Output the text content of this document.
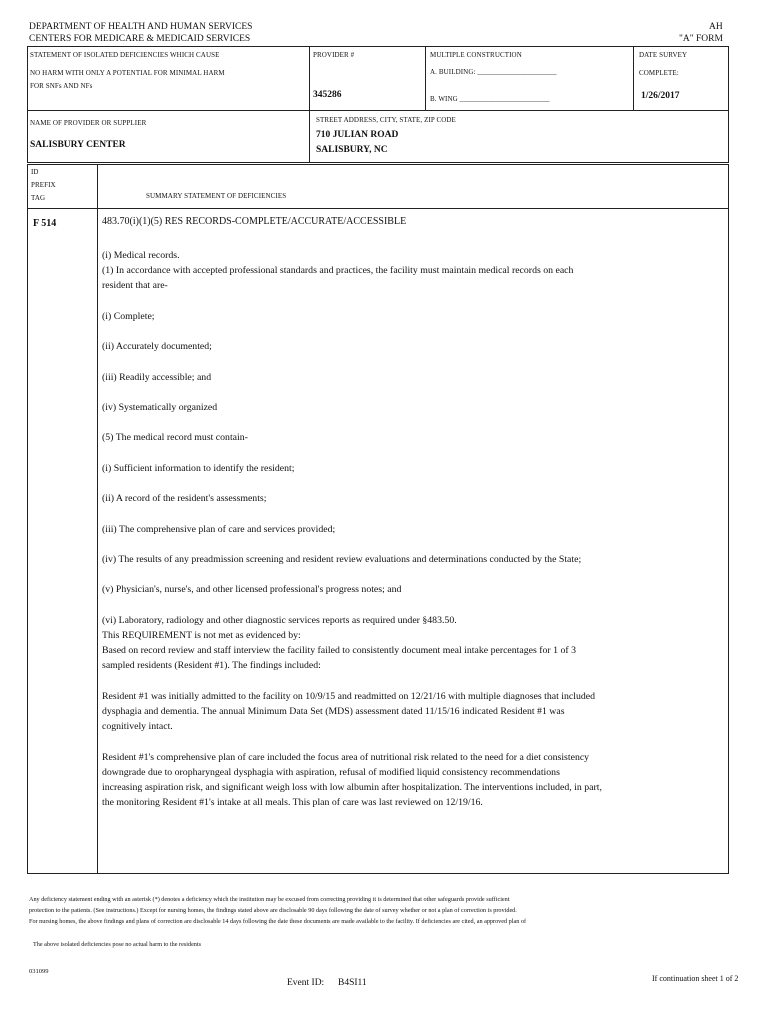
DEPARTMENT OF HEALTH AND HUMAN SERVICES
CENTERS FOR MEDICARE & MEDICAID SERVICES
AH
"A" FORM
STATEMENT OF ISOLATED DEFICIENCIES WHICH CAUSE
NO HARM WITH ONLY A POTENTIAL FOR MINIMAL HARM
FOR SNFs AND NFs
PROVIDER #
345286
MULTIPLE CONSTRUCTION
A. BUILDING: ______________________
B. WING _________________________
DATE SURVEY
COMPLETE:
1/26/2017
NAME OF PROVIDER OR SUPPLIER
SALISBURY CENTER
STREET ADDRESS, CITY, STATE, ZIP CODE
710 JULIAN ROAD
SALISBURY, NC
ID
PREFIX
TAG	SUMMARY STATEMENT OF DEFICIENCIES
F 514	483.70(i)(1)(5) RES RECORDS-COMPLETE/ACCURATE/ACCESSIBLE

(i) Medical records.
(1) In accordance with accepted professional standards and practices, the facility must maintain medical records on each resident that are-

(i) Complete;

(ii) Accurately documented;

(iii) Readily accessible; and

(iv) Systematically organized

(5) The medical record must contain-

(i) Sufficient information to identify the resident;

(ii) A record of the resident's assessments;

(iii) The comprehensive plan of care and services provided;

(iv) The results of any preadmission screening and resident review evaluations and determinations conducted by the State;

(v) Physician's, nurse's, and other licensed professional's progress notes; and

(vi) Laboratory, radiology and other diagnostic services reports as required under §483.50.
This REQUIREMENT is not met as evidenced by:
Based on record review and staff interview the facility failed to consistently document meal intake percentages for 1 of 3 sampled residents (Resident #1). The findings included:

Resident #1 was initially admitted to the facility on 10/9/15 and readmitted on 12/21/16 with multiple diagnoses that included dysphagia and dementia. The annual Minimum Data Set (MDS) assessment dated 11/15/16 indicated Resident #1 was cognitively intact.

Resident #1's comprehensive plan of care included the focus area of nutritional risk related to the need for a diet consistency downgrade due to oropharyngeal dysphagia with aspiration, refusal of modified liquid consistency recommendations increasing aspiration risk, and significant weigh loss with low albumin after hospitalization. The interventions included, in part, the monitoring Resident #1's intake at all meals. This plan of care was last reviewed on 12/19/16.

Any deficiency statement ending with an asterisk (*) denotes a deficiency which the institution may be excused from correcting providing it is determined that other safeguards provide sufficient
protection to the patients. (See instructions.) Except for nursing homes, the findings stated above are disclosable 90 days following the date of survey whether or not a plan of correction is provided.
For nursing homes, the above findings and plans of correction are disclosable 14 days following the date these documents are made available to the facility. If deficiencies are cited, an approved plan of
The above isolated deficiencies pose no actual harm to the residents
031099
Event ID: B4SI11	If continuation sheet 1 of 2
